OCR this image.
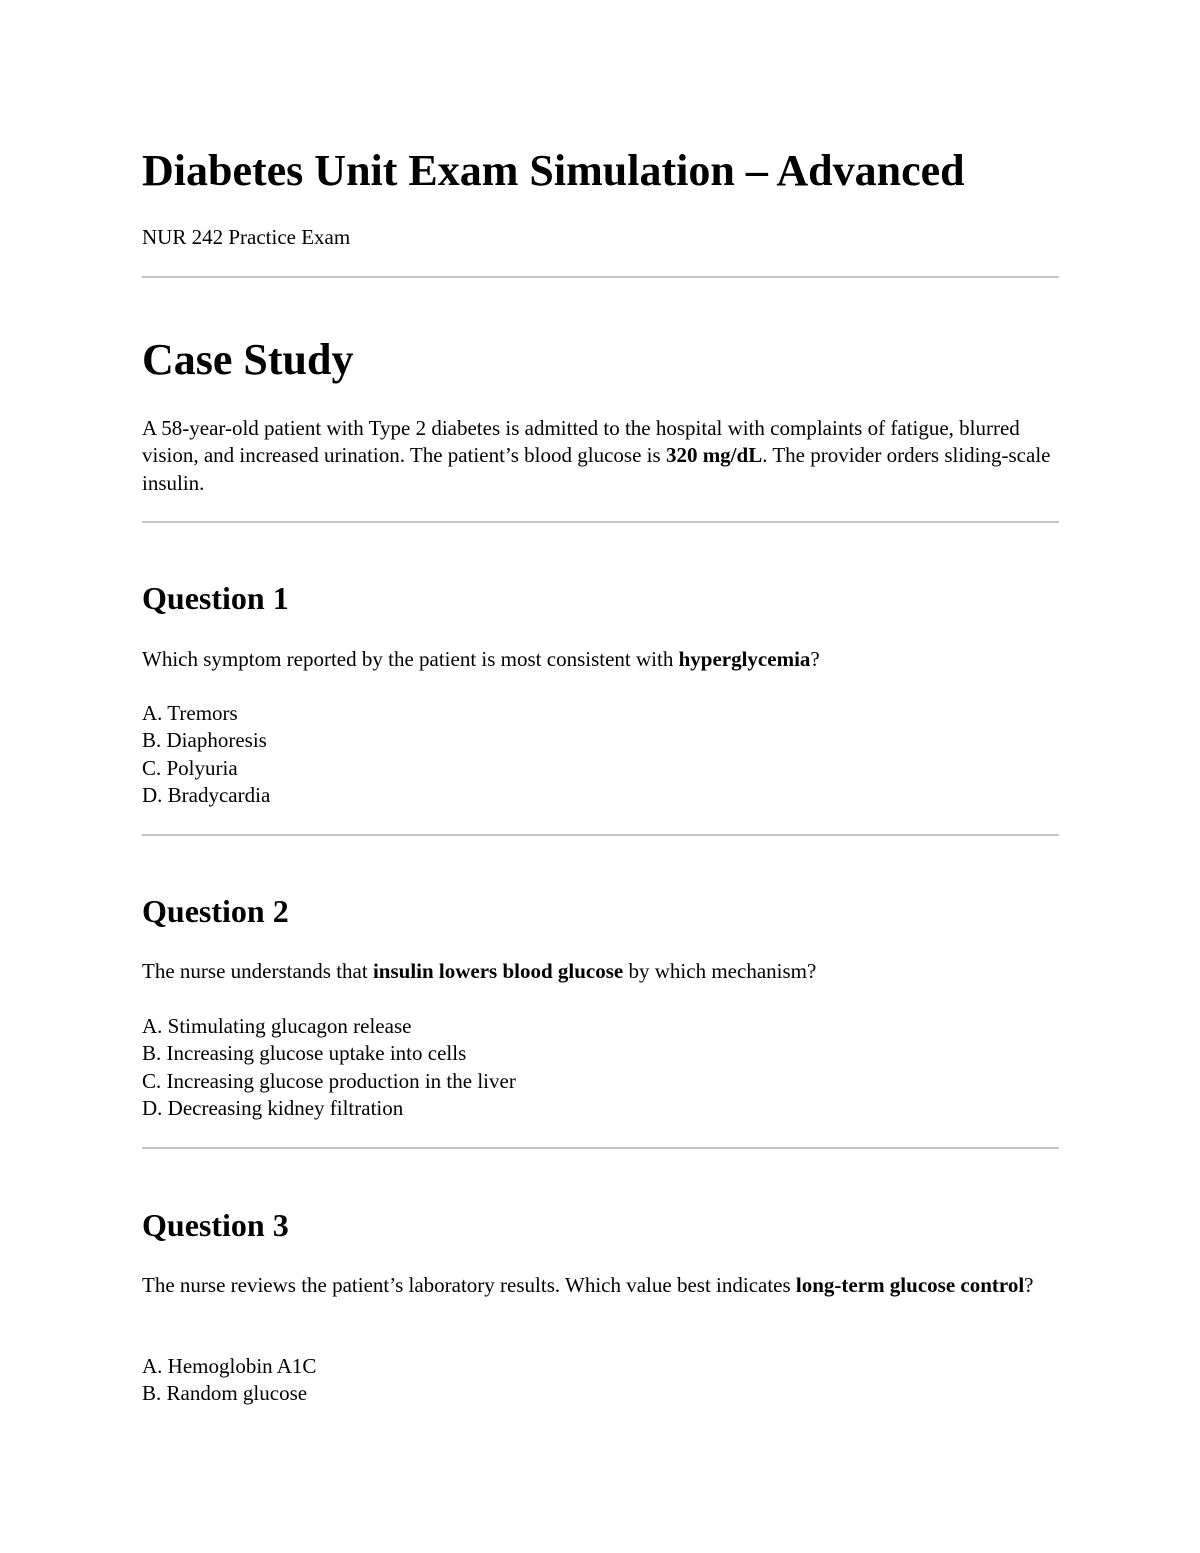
Diabetes Unit Exam Simulation – Advanced

NUR 242 Practice Exam

Case Study

A 58-year-old patient with Type 2 diabetes is admitted to the hospital with complaints of fatigue, blurred vision, and increased urination. The patient’s blood glucose is 320 mg/dL. The provider orders sliding-scale insulin.

Question 1

Which symptom reported by the patient is most consistent with hyperglycemia?

A. Tremors
B. Diaphoresis
C. Polyuria
D. Bradycardia
Question 2

The nurse understands that insulin lowers blood glucose by which mechanism?

A. Stimulating glucagon release
B. Increasing glucose uptake into cells
C. Increasing glucose production in the liver
D. Decreasing kidney filtration
Question 3

The nurse reviews the patient’s laboratory results. Which value best indicates long-term glucose control?

A. Hemoglobin A1C
B. Random glucose
